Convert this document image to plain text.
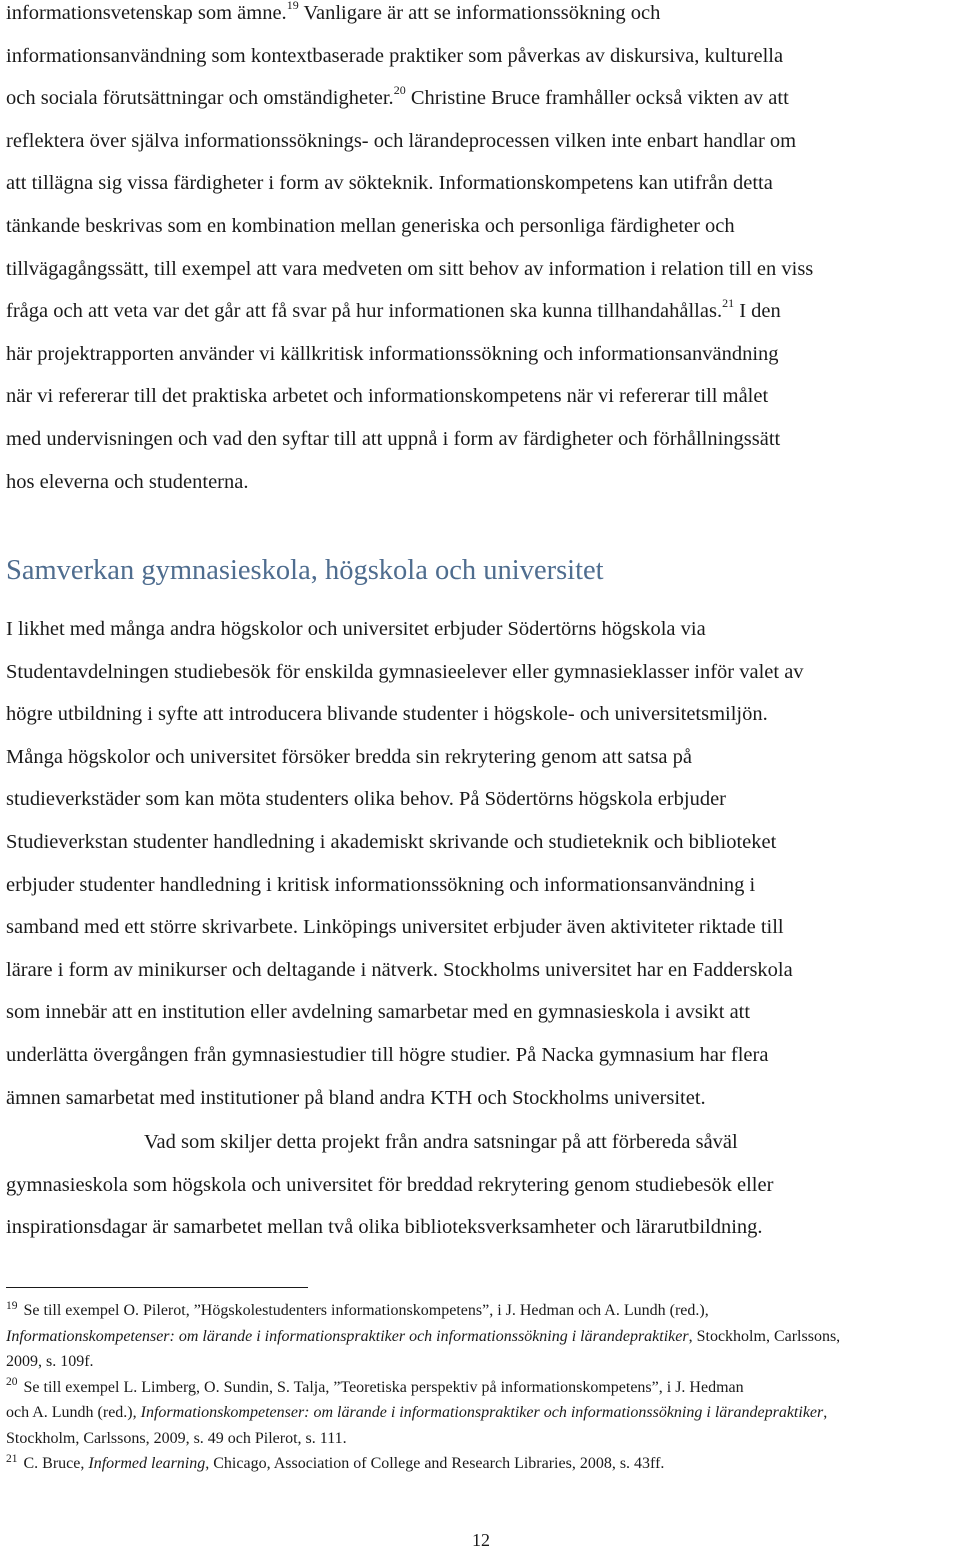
informationsvetenskap som ämne.$^{19}$ Vanligare är att se informationssökning och
informationsanvändning som kontextbaserade praktiker som påverkas av diskursiva, kulturella
och sociala förutsättningar och omständigheter.$^{20}$ Christine Bruce framhåller också vikten av att
reflektera över själva informationssöknings- och lärandeprocessen vilken inte enbart handlar om
att tillägna sig vissa färdigheter i form av sökteknik. Informationskompetens kan utifrån detta
tänkande beskrivas som en kombination mellan generiska och personliga färdigheter och
tillvägagångssätt, till exempel att vara medveten om sitt behov av information i relation till en viss
fråga och att veta var det går att få svar på hur informationen ska kunna tillhandahållas.$^{21}$ I den
här projektrapporten använder vi källkritisk informationssökning och informationsanvändning
när vi refererar till det praktiska arbetet och informationskompetens när vi refererar till målet
med undervisningen och vad den syftar till att uppnå i form av färdigheter och förhållningssätt
hos eleverna och studenterna.
Samverkan gymnasieskola, högskola och universitet
I likhet med många andra högskolor och universitet erbjuder Södertörns högskola via
Studentavdelningen studiebesök för enskilda gymnasieelever eller gymnasieklasser inför valet av
högre utbildning i syfte att introducera blivande studenter i högskole- och universitetsmiljön.
Många högskolor och universitet försöker bredda sin rekrytering genom att satsa på
studieverkstäder som kan möta studenters olika behov. På Södertörns högskola erbjuder
Studieverkstan studenter handledning i akademiskt skrivande och studieteknik och biblioteket
erbjuder studenter handledning i kritisk informationssökning och informationsanvändning i
samband med ett större skrivarbete. Linköpings universitet erbjuder även aktiviteter riktade till
lärare i form av minikurser och deltagande i nätverk. Stockholms universitet har en Fadderskola
som innebär att en institution eller avdelning samarbetar med en gymnasieskola i avsikt att
underlätta övergången från gymnasiestudier till högre studier. På Nacka gymnasium har flera
ämnen samarbetat med institutioner på bland andra KTH och Stockholms universitet.
Vad som skiljer detta projekt från andra satsningar på att förbereda såväl
gymnasieskola som högskola och universitet för breddad rekrytering genom studiebesök eller
inspirationsdagar är samarbetet mellan två olika biblioteksverksamheter och lärarutbildning.
$^{19}$ Se till exempel O. Pilerot, ”Högskolestudenters informationskompetens”, i J. Hedman och A. Lundh (red.),
Informationskompetenser: om lärande i informationspraktiker och informationssökning i lärandepraktiker, Stockholm, Carlssons,
2009, s. 109f.
$^{20}$ Se till exempel L. Limberg, O. Sundin, S. Talja, ”Teoretiska perspektiv på informationskompetens”, i J. Hedman
och A. Lundh (red.), Informationskompetenser: om lärande i informationspraktiker och informationssökning i lärandepraktiker,
Stockholm, Carlssons, 2009, s. 49 och Pilerot, s. 111.
$^{21}$ C. Bruce, Informed learning, Chicago, Association of College and Research Libraries, 2008, s. 43ff.
12
